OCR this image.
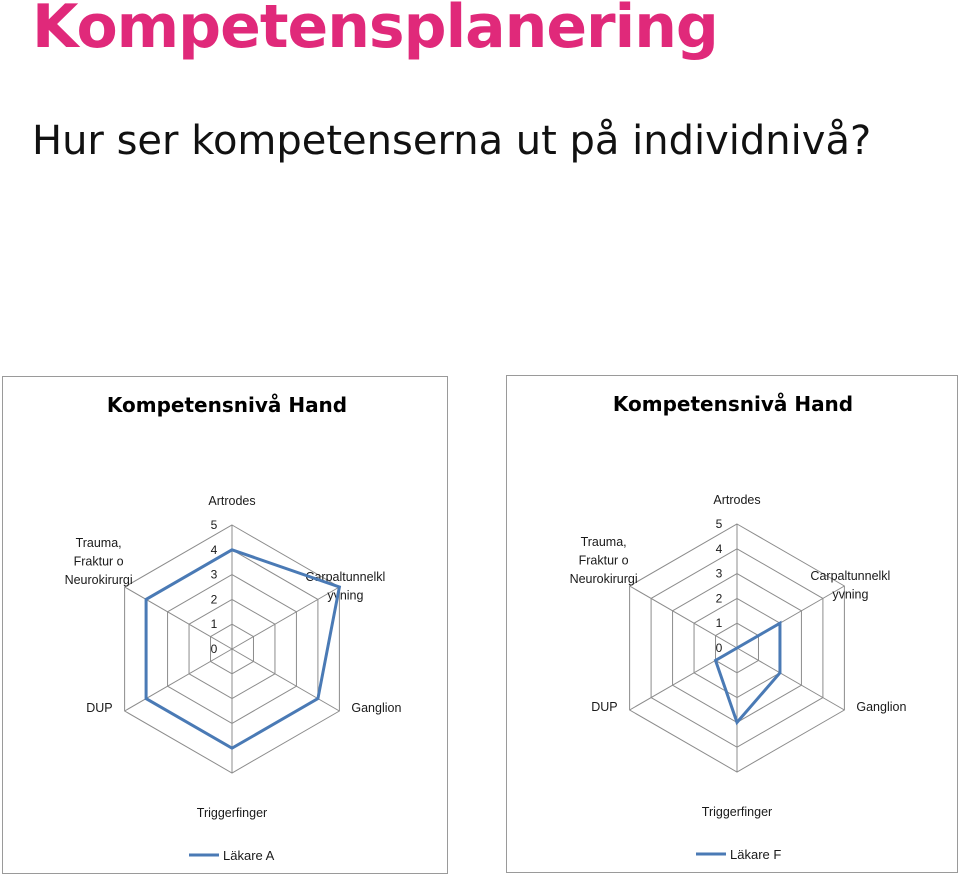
Kompetensplanering
Hur ser kompetenserna ut på individnivå?
Kompetensnivå Hand
0
1
2
3
4
5
Artrodes
Carpaltunnelkl yvning
Ganglion
Triggerfinger
DUP
Trauma, Fraktur o Neurokirurgi
Läkare A
Kompetensnivå Hand
0
1
2
3
4
5
Artrodes
Carpaltunnelkl yvning
Ganglion
Triggerfinger
DUP
Trauma, Fraktur o Neurokirurgi
Läkare F
